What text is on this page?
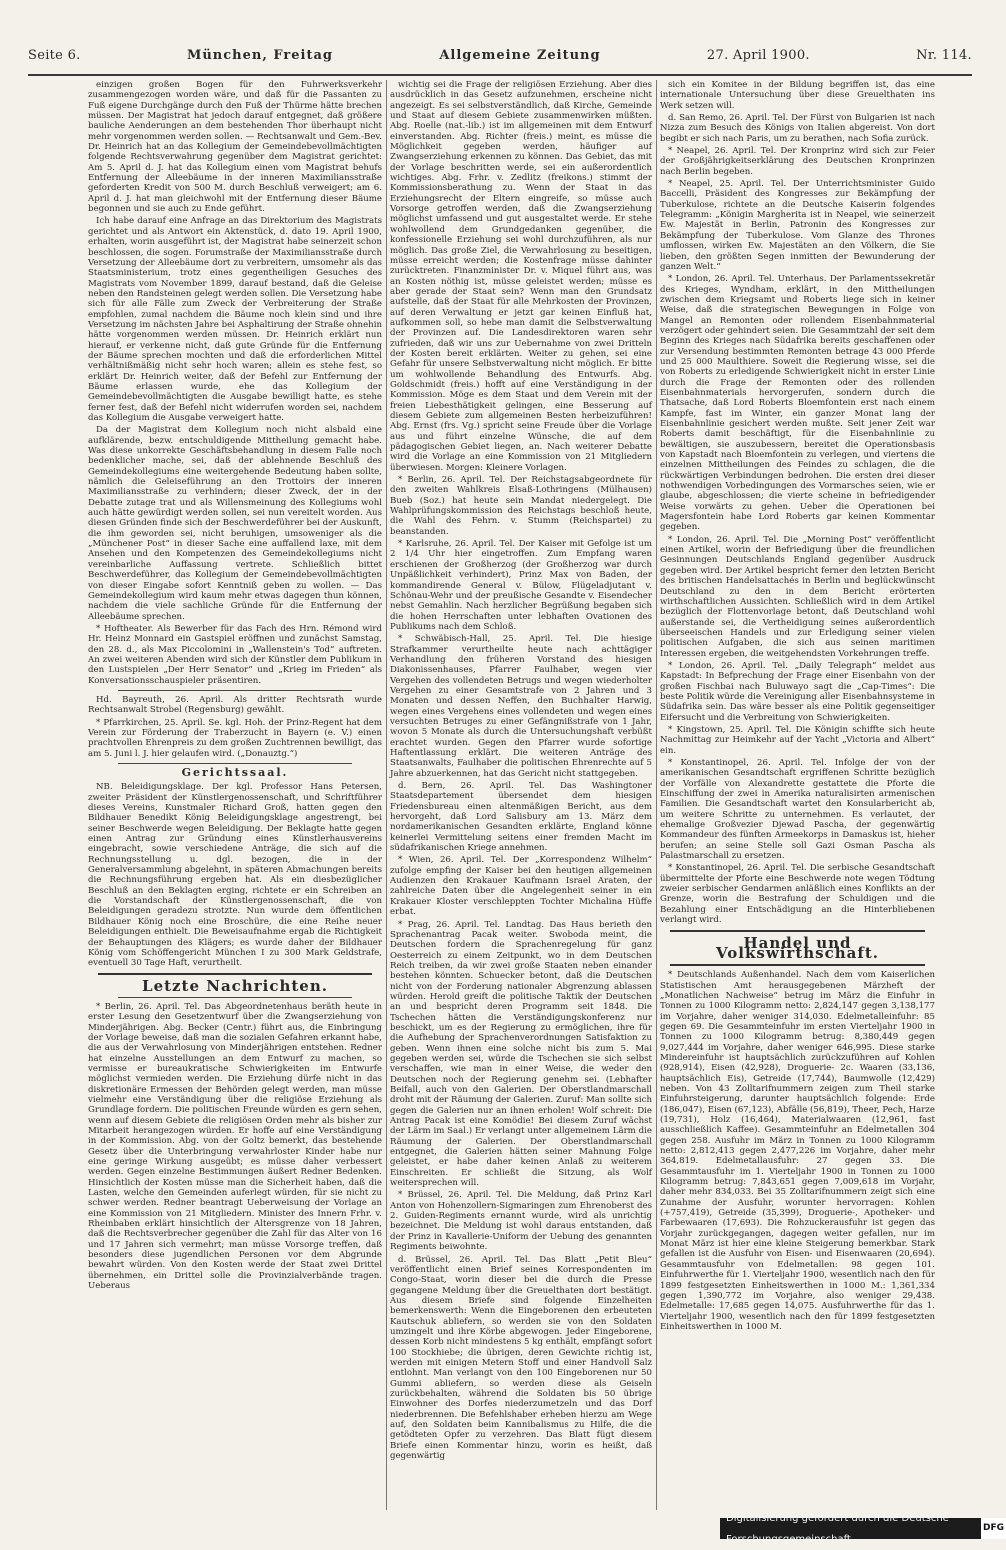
Seite 6.	München, Freitag	Allgemeine Zeitung	27. April 1900.	Nr. 114.

einzigen großen Bogen für den Fuhrwerksverkehr zusammengezogen worden wäre, und daß für die Passanten zu Fuß eigene Durchgänge durch den Fuß der Thürme hätte brechen müssen. Der Magistrat hat jedoch darauf entgegnet, daß größere bauliche Aenderungen an dem bestehenden Thor überhaupt nicht mehr vorgenommen werden sollen. — Rechtsanwalt und Gem.-Bev. Dr. Heinrich hat an das Kollegium der Gemeindebevollmächtigten folgende Rechtsverwahrung gegenüber dem Magistrat gerichtet: Am 5. April d. J. hat das Kollegium einen vom Magistrat behufs Entfernung der Alleebäume in der inneren Maximiliansstraße geforderten Kredit von 500 M. durch Beschluß verweigert; am 6. April d. J. hat man gleichwohl mit der Entfernung dieser Bäume begonnen und sie auch zu Ende geführt.

Ich habe darauf eine Anfrage an das Direktorium des Magistrats gerichtet und als Antwort ein Aktenstück, d. dato 19. April 1900, erhalten, worin ausgeführt ist, der Magistrat habe seinerzeit schon beschlossen, die sogen. Forumstraße der Maximiliansstraße durch Versetzung der Alleebäume dort zu verbreitern, umsomehr als das Staatsministerium, trotz eines gegentheiligen Gesuches des Magistrats vom November 1899, darauf bestand, daß die Geleise neben den Randsteinen gelegt werden sollen. Die Versetzung habe sich für alle Fälle zum Zweck der Verbreiterung der Straße empfohlen, zumal nachdem die Bäume noch klein sind und ihre Versetzung im nächsten Jahre bei Asphaltirung der Straße ohnehin hätte vorgenommen werden müssen. Dr. Heinrich erklärt nun hierauf, er verkenne nicht, daß gute Gründe für die Entfernung der Bäume sprechen mochten und daß die erforderlichen Mittel verhältnißmäßig nicht sehr hoch waren; allein es stehe fest, so erklärt Dr. Heinrich weiter, daß der Befehl zur Entfernung der Bäume erlassen wurde, ehe das Kollegium der Gemeindebevollmächtigten die Ausgabe bewilligt hatte, es stehe ferner fest, daß der Befehl nicht widerrufen worden sei, nachdem das Kollegium die Ausgabe verweigert hatte.

Da der Magistrat dem Kollegium noch nicht alsbald eine aufklärende, bezw. entschuldigende Mittheilung gemacht habe. Was diese unkorrekte Geschäftsbehandlung in diesem Falle noch bedenklicher mache, sei, daß der ablehnende Beschluß des Gemeindekollegiums eine weitergehende Bedeutung haben sollte, nämlich die Geleiseführung an den Trottoirs der inneren Maximiliansstraße zu verhindern; dieser Zweck, der in der Debatte zutage trat und als Willensmeinung des Kollegiums wohl auch hätte gewürdigt werden sollen, sei nun vereitelt worden. Aus diesen Gründen finde sich der Beschwerdeführer bei der Auskunft, die ihm geworden sei, nicht beruhigen, umsoweniger als die „Münchener Post“ in dieser Sache eine auffallend laxe, mit dem Ansehen und den Kompetenzen des Gemeindekollegiums nicht vereinbarliche Auffassung vertrete. Schließlich bittet Beschwerdeführer, das Kollegium der Gemeindebevollmächtigten von dieser Eingabe sofort Kenntniß geben zu wollen. — Das Gemeindekollegium wird kaum mehr etwas dagegen thun können, nachdem die viele sachliche Gründe für die Entfernung der Alleebäume sprechen.

* Hoftheater. Als Bewerber für das Fach des Hrn. Rémond wird Hr. Heinz Monnard ein Gastspiel eröffnen und zunächst Samstag, den 28. d., als Max Piccolomini in „Wallenstein's Tod“ auftreten. An zwei weiteren Abenden wird sich der Künstler dem Publikum in den Lustspielen „Der Herr Senator“ und „Krieg im Frieden“ als Konversationsschauspieler präsentiren.

Hd. Bayreuth, 26. April. Als dritter Rechtsrath wurde Rechtsanwalt Strobel (Regensburg) gewählt.

* Pfarrkirchen, 25. April. Se. kgl. Hoh. der Prinz-Regent hat dem Verein zur Förderung der Traberzucht in Bayern (e. V.) einen prachtvollen Ehrenpreis zu dem großen Zuchtrennen bewilligt, das am 5. Juni l. J. hier gelaufen wird. („Donauztg.“)

Gerichtssaal.

NB. Beleidigungsklage. Der kgl. Professor Hans Petersen, zweiter Präsident der Künstlergenossenschaft, und Schriftführer dieses Vereins, Kunstmaler Richard Groß, hatten gegen den Bildhauer Benedikt König Beleidigungsklage angestrengt, bei seiner Beschwerde wegen Beleidigung. Der Beklagte hatte gegen einen Antrag zur Gründung eines Künstlerhausvereins eingebracht, sowie verschiedene Anträge, die sich auf die Rechnungsstellung u. dgl. bezogen, die in der Generalversammlung abgelehnt, in späteren Abmachungen bereits die Rechnungsführung ergeben hat. Als ein diesbezüglicher Beschluß an den Beklagten erging, richtete er ein Schreiben an die Vorstandschaft der Künstlergenossenschaft, die von Beleidigungen geradezu strotzte. Nun wurde dem öffentlichen Bildhauer König noch eine Broschüre, die eine Reihe neuer Beleidigungen enthielt. Die Beweisaufnahme ergab die Richtigkeit der Behauptungen des Klägers; es wurde daher der Bildhauer König vom Schöffengericht München I zu 300 Mark Geldstrafe, eventuell 30 Tage Haft, verurtheilt.

Letzte Nachrichten.

* Berlin, 26. April. Tel. Das Abgeordnetenhaus beräth heute in erster Lesung den Gesetzentwurf über die Zwangserziehung von Minderjährigen. Abg. Becker (Centr.) führt aus, die Einbringung der Vorlage beweise, daß man die sozialen Gefahren erkannt habe, die aus der Verwahrlosung von Minderjährigen entstehen. Redner hat einzelne Ausstellungen an dem Entwurf zu machen, so vermisse er bureaukratische Schwierigkeiten im Entwurfe möglichst vermieden werden. Die Erziehung dürfe nicht in das diskretionäre Ermessen der Behörden gelegt werden, man müsse vielmehr eine Verständigung über die religiöse Erziehung als Grundlage fordern. Die politischen Freunde würden es gern sehen, wenn auf diesem Gebiete die religiösen Orden mehr als bisher zur Mitarbeit herangezogen würden. Er hoffe auf eine Verständigung in der Kommission. Abg. von der Goltz bemerkt, das bestehende Gesetz über die Unterbringung verwahrloster Kinder habe nur eine geringe Wirkung ausgeübt; es müsse daher verbessert werden. Gegen einzelne Bestimmungen äußert Redner Bedenken. Hinsichtlich der Kosten müsse man die Sicherheit haben, daß die Lasten, welche den Gemeinden auferlegt würden, für sie nicht zu schwer werden. Redner beantragt Ueberweisung der Vorlage an eine Kommission von 21 Mitgliedern. Minister des Innern Frhr. v. Rheinbaben erklärt hinsichtlich der Altersgrenze von 18 Jahren, daß die Rechtsverbrecher gegenüber die Zahl für das Alter von 16 und 17 Jahren sich vermehrt; man müsse Vorsorge treffen, daß besonders diese jugendlichen Personen vor dem Abgrunde bewahrt würden. Von den Kosten werde der Staat zwei Drittel übernehmen, ein Drittel solle die Provinzialverbände tragen. Ueberaus

wichtig sei die Frage der religiösen Erziehung. Aber dies ausdrücklich in das Gesetz aufzunehmen, erscheine nicht angezeigt. Es sei selbstverständlich, daß Kirche, Gemeinde und Staat auf diesem Gebiete zusammenwirken müßten. Abg. Roelle (nat.-lib.) ist im allgemeinen mit dem Entwurf einverstanden. Abg. Richter (freis.) meint, es müsse die Möglichkeit gegeben werden, häufiger auf Zwangserziehung erkennen zu können. Das Gebiet, das mit der Vorlage beschritten werde, sei ein außerordentlich wichtiges. Abg. Frhr. v. Zedlitz (freikons.) stimmt der Kommissionsberathung zu. Wenn der Staat in das Erziehungsrecht der Eltern eingreife, so müsse auch Vorsorge getroffen werden, daß die Zwangserziehung möglichst umfassend und gut ausgestaltet werde. Er stehe wohlwollend dem Grundgedanken gegenüber, die konfessionelle Erziehung sei wohl durchzuführen, als nur möglich. Das große Ziel, die Verwahrlosung zu beseitigen, müsse erreicht werden; die Kostenfrage müsse dahinter zurücktreten. Finanzminister Dr. v. Miquel führt aus, was an Kosten nöthig ist, müsse geleistet werden; müsse es aber gerade der Staat sein? Wenn man den Grundsatz aufstelle, daß der Staat für alle Mehrkosten der Provinzen, auf deren Verwaltung er jetzt gar keinen Einfluß hat, aufkommen soll, so hebe man damit die Selbstverwaltung der Provinzen auf. Die Landesdirektoren waren sehr zufrieden, daß wir uns zur Uebernahme von zwei Dritteln der Kosten bereit erklärten. Weiter zu gehen, sei eine Gefahr für unsere Selbstverwaltung nicht möglich. Er bitte um wohlwollende Behandlung des Entwurfs. Abg. Goldschmidt (freis.) hofft auf eine Verständigung in der Kommission. Möge es dem Staat und dem Verein mit der freien Liebesthätigkeit gelingen, eine Besserung auf diesem Gebiete zum allgemeinen Besten herbeizuführen! Abg. Ernst (frs. Vg.) spricht seine Freude über die Vorlage aus und führt einzelne Wünsche, die auf dem pädagogischen Gebiet liegen, an. Nach weiterer Debatte wird die Vorlage an eine Kommission von 21 Mitgliedern überwiesen. Morgen: Kleinere Vorlagen.

* Berlin, 26. April. Tel. Der Reichstagsabgeordnete für den zweiten Wahlkreis Elsaß-Lothringens (Mülhausen) Bueb (Soz.) hat heute sein Mandat niedergelegt. Die Wahlprüfungskommission des Reichstags beschloß heute, die Wahl des Fehrn. v. Stumm (Reichspartei) zu beanstanden.

* Karlsruhe, 26. April. Tel. Der Kaiser mit Gefolge ist um 2 1/4 Uhr hier eingetroffen. Zum Empfang waren erschienen der Großherzog (der Großherzog war durch Unpäßlichkeit verhindert), Prinz Max von Baden, der kommandirende General v. Bülow, Flügeladjutant v. Schönau-Wehr und der preußische Gesandte v. Eisendecher nebst Gemahlin. Nach herzlicher Begrüßung begaben sich die hohen Herrschaften unter lebhaften Ovationen des Publikums nach dem Schloß.

* Schwäbisch-Hall, 25. April. Tel. Die hiesige Strafkammer verurtheilte heute nach achttägiger Verhandlung den früheren Vorstand des hiesigen Diakonissenhauses, Pfarrer Faulhaber, wegen vier Vergehen des vollendeten Betrugs und wegen wiederholter Vergehen zu einer Gesamtstrafe von 2 Jahren und 3 Monaten und dessen Neffen, den Buchhalter Harwig, wegen eines Vergehens eines vollendeten und wegen eines versuchten Betruges zu einer Gefängnißstrafe von 1 Jahr, wovon 5 Monate als durch die Untersuchungshaft verbüßt erachtet wurden. Gegen den Pfarrer wurde sofortige Haftentlassung erklärt. Die weiteren Anträge des Staatsanwalts, Faulhaber die politischen Ehrenrechte auf 5 Jahre abzuerkennen, hat das Gericht nicht stattgegeben.

d. Bern, 26. April. Tel. Das Washingtoner Staatsdepartement übersendet dem hiesigen Friedensbureau einen altenmäßigen Bericht, aus dem hervorgeht, daß Lord Salisbury am 13. März dem nordamerikanischen Gesandten erklärte, England könne keinerlei Vermittelung seitens einer fremden Macht im südafrikanischen Kriege annehmen.

* Wien, 26. April. Tel. Der „Korrespondenz Wilhelm“ zufolge empfing der Kaiser bei den heutigen allgemeinen Audienzen den Krakauer Kaufmann Israel Araten, der zahlreiche Daten über die Angelegenheit seiner in ein Krakauer Kloster verschleppten Tochter Michalina Hüffe erbat.

* Prag, 26. April. Tel. Landtag. Das Haus berieth den Sprachenantrag Pacak weiter. Swoboda meint, die Deutschen fordern die Sprachenregelung für ganz Oesterreich zu einem Zeitpunkt, wo in dem Deutschen Reich treiben, da wir zwei große Staaten neben einander bestehen könnten. Schuecker betont, daß die Deutschen nicht von der Forderung nationaler Abgrenzung ablassen würden. Herold greift die politische Taktik der Deutschen an und bespricht deren Programm seit 1848. Die Tschechen hätten die Verständigungskonferenz nur beschickt, um es der Regierung zu ermöglichen, ihre für die Aufhebung der Sprachenverordnungen Satisfaktion zu geben. Wenn ihnen eine solche nicht bis zum 5. Mai gegeben werden sei, würde die Tschechen sie sich selbst verschaffen, wie man in einer Weise, die weder den Deutschen noch der Regierung genehm sei. (Lebhafter Beifall, auch von den Galerien. Der Oberstlandmarschall droht mit der Räumung der Galerien. Zuruf: Man sollte sich gegen die Galerien nur an ihnen erholen! Wolf schreit: Die Antrag Pacak ist eine Komödie! Bei diesem Zuruf wächst der Lärm im Saal.) Er verlangt unter allgemeinem Lärm die Räumung der Galerien. Der Oberstlandmarschall entgegnet, die Galerien hätten seiner Mahnung Folge geleistet, er habe daher keinen Anlaß zu weiterem Einschreiten. Er schließt die Sitzung, als Wolf weitersprechen will.

* Brüssel, 26. April. Tel. Die Meldung, daß Prinz Karl Anton von Hohenzollern-Sigmaringen zum Ehrenoberst des 2. Guiden-Regiments ernannt wurde, wird als unrichtig bezeichnet. Die Meldung ist wohl daraus entstanden, daß der Prinz in Kavallerie-Uniform der Uebung des genannten Regiments beiwohnte.

d. Brüssel, 26. April. Tel. Das Blatt „Petit Bleu“ veröffentlicht einen Brief seines Korrespondenten im Congo-Staat, worin dieser bei die durch die Presse gegangene Meldung über die Greuelthaten dort bestätigt. Aus diesem Briefe sind folgende Einzelheiten bemerkenswerth: Wenn die Eingeborenen den erbeuteten Kautschuk abliefern, so werden sie von den Soldaten umzingelt und ihre Körbe abgewogen. Jeder Eingeborene, dessen Korb nicht mindestens 5 kg enthält, empfängt sofort 100 Stockhiebe; die übrigen, deren Gewichte richtig ist, werden mit einigen Metern Stoff und einer Handvoll Salz entlohnt. Man verlangt von den 100 Eingeborenen nur 50 Gummi abliefern, so werden diese als Geiseln zurückbehalten, während die Soldaten bis 50 übrige Einwohner des Dorfes niederzumetzeln und das Dorf niederbrennen. Die Befehlshaber erheben hierzu am Wege auf, den Soldaten beim Kannibalismus zu Hilfe, die die getödteten Opfer zu verzehren. Das Blatt fügt diesem Briefe einen Kommentar hinzu, worin es heißt, daß gegenwärtig

sich ein Komitee in der Bildung begriffen ist, das eine internationale Untersuchung über diese Greuelthaten ins Werk setzen will.

d. San Remo, 26. April. Tel. Der Fürst von Bulgarien ist nach Nizza zum Besuch des Königs von Italien abgereist. Von dort begibt er sich nach Paris, um zu berathen, nach Sofia zurück.

* Neapel, 26. April. Tel. Der Kronprinz wird sich zur Feier der Großjährigkeitserklärung des Deutschen Kronprinzen nach Berlin begeben.

* Neapel, 25. April. Tel. Der Unterrichtsminister Guido Baccelli, Präsident des Kongresses zur Bekämpfung der Tuberkulose, richtete an die Deutsche Kaiserin folgendes Telegramm: „Königin Margherita ist in Neapel, wie seinerzeit Ew. Majestät in Berlin, Patronin des Kongresses zur Bekämpfung der Tuberkulose. Vom Glanze des Thrones umflossen, wirken Ew. Majestäten an den Völkern, die Sie lieben, den größten Segen inmitten der Bewunderung der ganzen Welt.“

* London, 26. April. Tel. Unterhaus. Der Parlamentssekretär des Krieges, Wyndham, erklärt, in den Mittheilungen zwischen dem Kriegsamt und Roberts liege sich in keiner Weise, daß die strategischen Bewegungen in Folge von Mangel an Remonten oder rollendem Eisenbahnmaterial verzögert oder gehindert seien. Die Gesammtzahl der seit dem Beginn des Krieges nach Südafrika bereits geschaffenen oder zur Versendung bestimmten Remonten betrage 43 000 Pferde und 25 000 Maulthiere. Soweit die Regierung wisse, sei die von Roberts zu erledigende Schwierigkeit nicht in erster Linie durch die Frage der Remonten oder des rollenden Eisenbahnmaterials hervorgerufen, sondern durch die Thatsache, daß Lord Roberts Bloemfontein erst nach einem Kampfe, fast im Winter, ein ganzer Monat lang der Eisenbahnlinie gesichert werden mußte. Seit jener Zeit war Roberts damit beschäftigt, für die Eisenbahnlinie zu bewältigen, sie auszubessern, bereitet die Operationsbasis von Kapstadt nach Bloemfontein zu verlegen, und viertens die einzelnen Mittheilungen des Feindes zu schlagen, die die rückwärtigen Verbindungen bedrohen. Die ersten drei dieser nothwendigen Vorbedingungen des Vormarsches seien, wie er glaube, abgeschlossen; die vierte scheine in befriedigender Weise vorwärts zu gehen. Ueber die Operationen bei Magersfontein habe Lord Roberts gar keinen Kommentar gegeben.

* London, 26. April. Tel. Die „Morning Post“ veröffentlicht einen Artikel, worin der Befriedigung über die freundlichen Gesinnungen Deutschlands England gegenüber Ausdruck gegeben wird. Der Artikel bespricht ferner den letzten Bericht des britischen Handelsattachés in Berlin und beglückwünscht Deutschland zu den in dem Bericht erörterten wirthschaftlichen Aussichten. Schließlich wird in dem Artikel bezüglich der Flottenvorlage betont, daß Deutschland wohl außerstande sei, die Vertheidigung seines außerordentlich überseeischen Handels und zur Erledigung seiner vielen politischen Aufgaben, die sich aus seinen maritimen Interessen ergeben, die weitgehendsten Vorkehrungen treffe.

* London, 26. April. Tel. „Daily Telegraph“ meldet aus Kapstadt: In Befprechung der Frage einer Eisenbahn von der großen Fischbai nach Buluwayo sagt die „Cap-Times“: Die beste Politik würde die Vereinigung aller Eisenbahnsysteme in Südafrika sein. Das wäre besser als eine Politik gegenseitiger Eifersucht und die Verbreitung von Schwierigkeiten.

* Kingstown, 25. April. Tel. Die Königin schiffte sich heute Nachmittag zur Heimkehr auf der Yacht „Victoria and Albert“ ein.

* Konstantinopel, 26. April. Tel. Infolge der von der amerikanischen Gesandtschaft ergriffenen Schritte bezüglich der Vorfälle von Alexandrette gestattete die Pforte die Einschiffung der zwei in Amerika naturalisirten armenischen Familien. Die Gesandtschaft wartet den Konsularbericht ab, um weitere Schritte zu unternehmen. Es verlautet, der ehemalige Großvezier Djewad Pascha, der gegenwärtig Kommandeur des fünften Armeekorps in Damaskus ist, hieher berufen; an seine Stelle soll Gazi Osman Pascha als Palastmarschall zu ersetzen.

* Konstantinopel, 26. April. Tel. Die serbische Gesandtschaft übermittelte der Pforte eine Beschwerde note wegen Tödtung zweier serbischer Gendarmen anläßlich eines Konflikts an der Grenze, worin die Bestrafung der Schuldigen und die Bezahlung einer Entschädigung an die Hinterbliebenen verlangt wird.

Handel und Volkswirthschaft.

* Deutschlands Außenhandel. Nach dem vom Kaiserlichen Statistischen Amt herausgegebenen Märzheft der „Monatlichen Nachweise“ betrug im März die Einfuhr in Tonnen zu 1000 Kilogramm netto: 2,824,147 gegen 3,138,177 im Vorjahre, daher weniger 314,030. Edelmetalleinfuhr: 85 gegen 69. Die Gesammteinfuhr im ersten Vierteljahr 1900 in Tonnen zu 1000 Kilogramm betrug: 8,380,449 gegen 9,027,444 im Vorjahre, daher weniger 646,995. Diese starke Mindereinfuhr ist hauptsächlich zurückzuführen auf Kohlen (928,914), Eisen (42,928), Droguerie- 2c. Waaren (33,136, hauptsächlich Eis), Getreide (17,744), Baumwolle (12,429) neben. Von 43 Zolltarifnummern zeigen zum Theil starke Einfuhrsteigerung, darunter hauptsächlich folgende: Erde (186,047), Eisen (67,123), Abfälle (56,819), Theer, Pech, Harze (19,731), Holz (16,464), Materialwaaren (12,961, fast ausschließlich Kaffee). Gesammteinfuhr an Edelmetallen 304 gegen 258. Ausfuhr im März in Tonnen zu 1000 Kilogramm netto: 2,812,413 gegen 2,477,226 im Vorjahre, daher mehr 364,819. Edelmetallausfuhr: 27 gegen 33. Die Gesammtausfuhr im 1. Vierteljahr 1900 in Tonnen zu 1000 Kilogramm betrug: 7,843,651 gegen 7,009,618 im Vorjahr, daher mehr 834,033. Bei 35 Zolltarifnummern zeigt sich eine Zunahme der Ausfuhr, worunter hervorragen: Kohlen (+757,419), Getreide (35,399), Droguerie-, Apotheker- und Farbewaaren (17,693). Die Rohzuckerausfuhr ist gegen das Vorjahr zurückgegangen, dagegen weiter gefallen, nur im Monat März ist hier eine kleine Steigerung bemerkbar. Stark gefallen ist die Ausfuhr von Eisen- und Eisenwaaren (20,694). Gesammtausfuhr von Edelmetallen: 98 gegen 101. Einfuhrwerthe für 1. Vierteljahr 1900, wesentlich nach den für 1899 festgesetzten Einheitswerthen in 1000 M.: 1,361,334 gegen 1,390,772 im Vorjahre, also weniger 29,438. Edelmetalle: 17,685 gegen 14,075. Ausfuhrwerthe für das 1. Vierteljahr 1900, wesentlich nach den für 1899 festgesetzten Einheitswerthen in 1000 M.

Digitalisierung gefördert durch die Deutsche Forschungsgemeinschaft
DFG
